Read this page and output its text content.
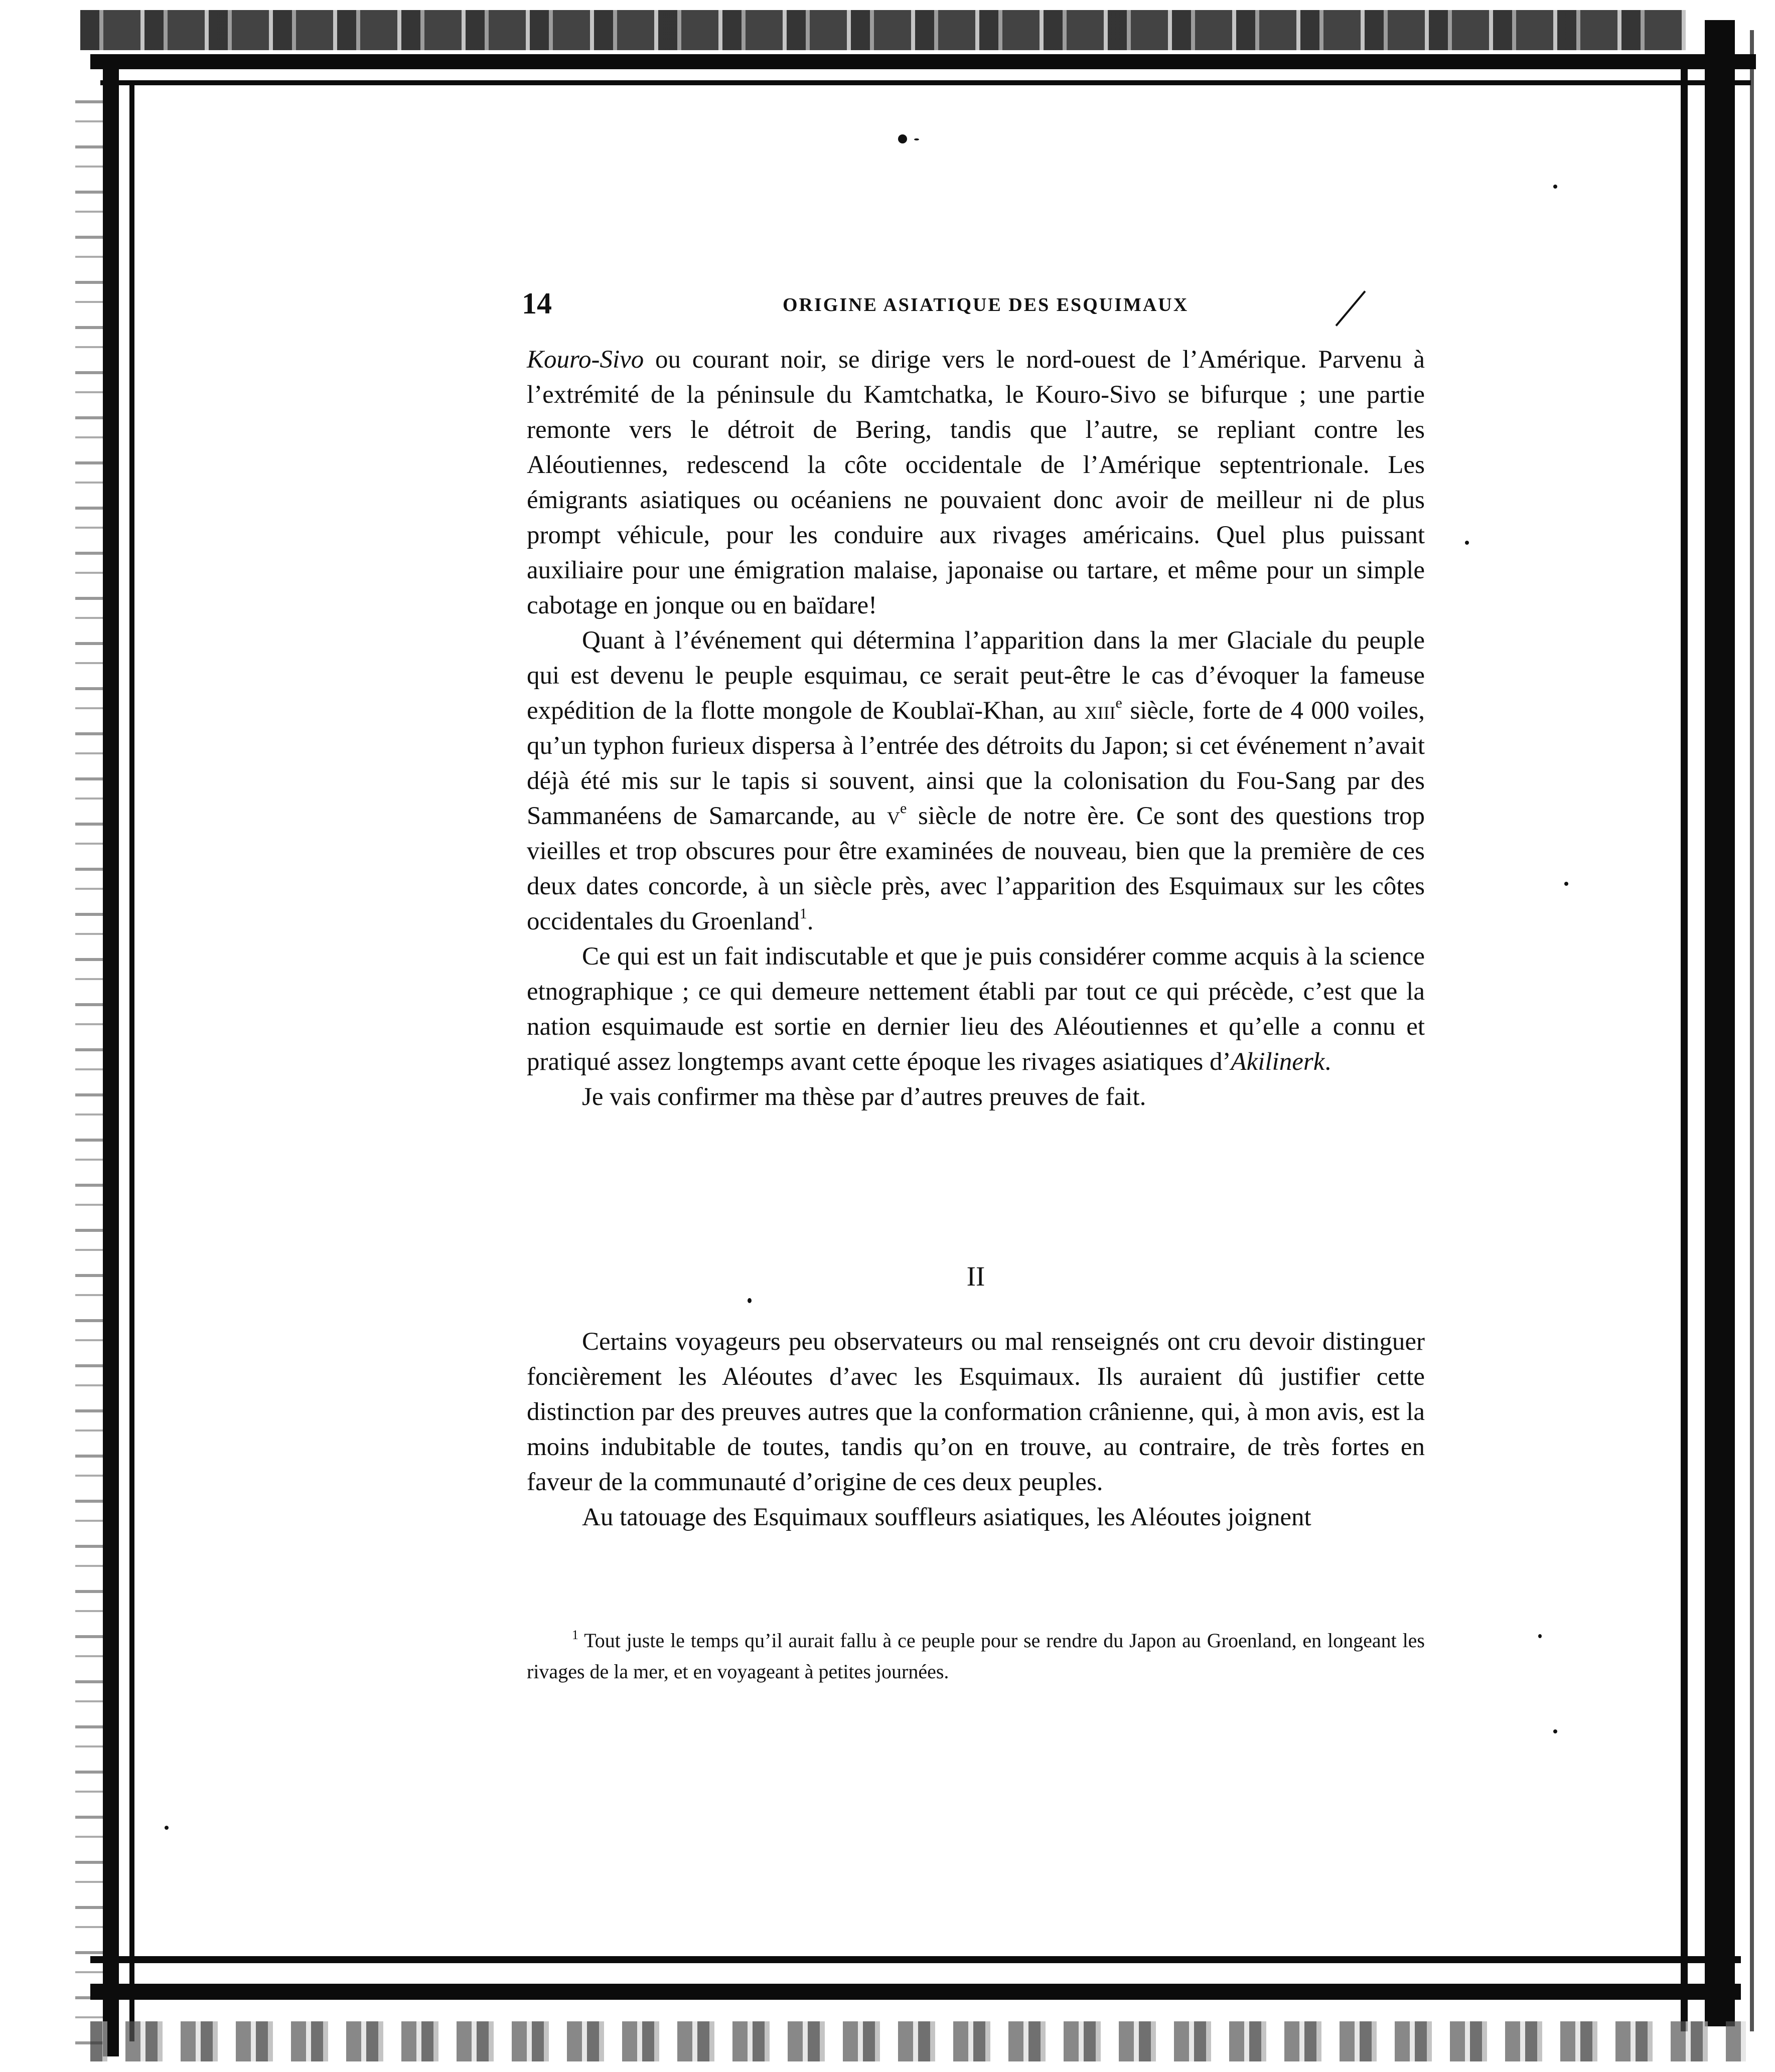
14	ORIGINE ASIATIQUE DES ESQUIMAUX

Kouro-Sivo ou courant noir, se dirige vers le nord-ouest de l’Amérique. Parvenu à l’extrémité de la péninsule du Kamtchatka, le Kouro-Sivo se bifurque ; une partie remonte vers le détroit de Bering, tandis que l’autre, se repliant contre les Aléoutiennes, redescend la côte occidentale de l’Amérique septentrionale. Les émigrants asiatiques ou océaniens ne pouvaient donc avoir de meilleur ni de plus prompt véhicule, pour les conduire aux rivages américains. Quel plus puissant auxiliaire pour une émigration malaise, japonaise ou tartare, et même pour un simple cabotage en jonque ou en baïdare!

Quant à l’événement qui détermina l’apparition dans la mer Glaciale du peuple qui est devenu le peuple esquimau, ce serait peut-être le cas d’évoquer la fameuse expédition de la flotte mongole de Koublaï-Khan, au xiii$^e$ siècle, forte de 4 000 voiles, qu’un typhon furieux dispersa à l’entrée des détroits du Japon; si cet événement n’avait déjà été mis sur le tapis si souvent, ainsi que la colonisation du Fou-Sang par des Sammanéens de Samarcande, au $v^e$ siècle de notre ère. Ce sont des questions trop vieilles et trop obscures pour être examinées de nouveau, bien que la première de ces deux dates concorde, à un siècle près, avec l’apparition des Esquimaux sur les côtes occidentales du Groenland$^1$.

Ce qui est un fait indiscutable et que je puis considérer comme acquis à la science etnographique ; ce qui demeure nettement établi par tout ce qui précède, c’est que la nation esquimaude est sortie en dernier lieu des Aléoutiennes et qu’elle a connu et pratiqué assez longtemps avant cette époque les rivages asiatiques d’Akilinerk.

Je vais confirmer ma thèse par d’autres preuves de fait.

II

Certains voyageurs peu observateurs ou mal renseignés ont cru devoir distinguer foncièrement les Aléoutes d’avec les Esquimaux. Ils auraient dû justifier cette distinction par des preuves autres que la conformation crânienne, qui, à mon avis, est la moins indubitable de toutes, tandis qu’on en trouve, au contraire, de très fortes en faveur de la communauté d’origine de ces deux peuples.

Au tatouage des Esquimaux souffleurs asiatiques, les Aléoutes joignent

$^1$ Tout juste le temps qu’il aurait fallu à ce peuple pour se rendre du Japon au Groenland, en longeant les rivages de la mer, et en voyageant à petites journées.
